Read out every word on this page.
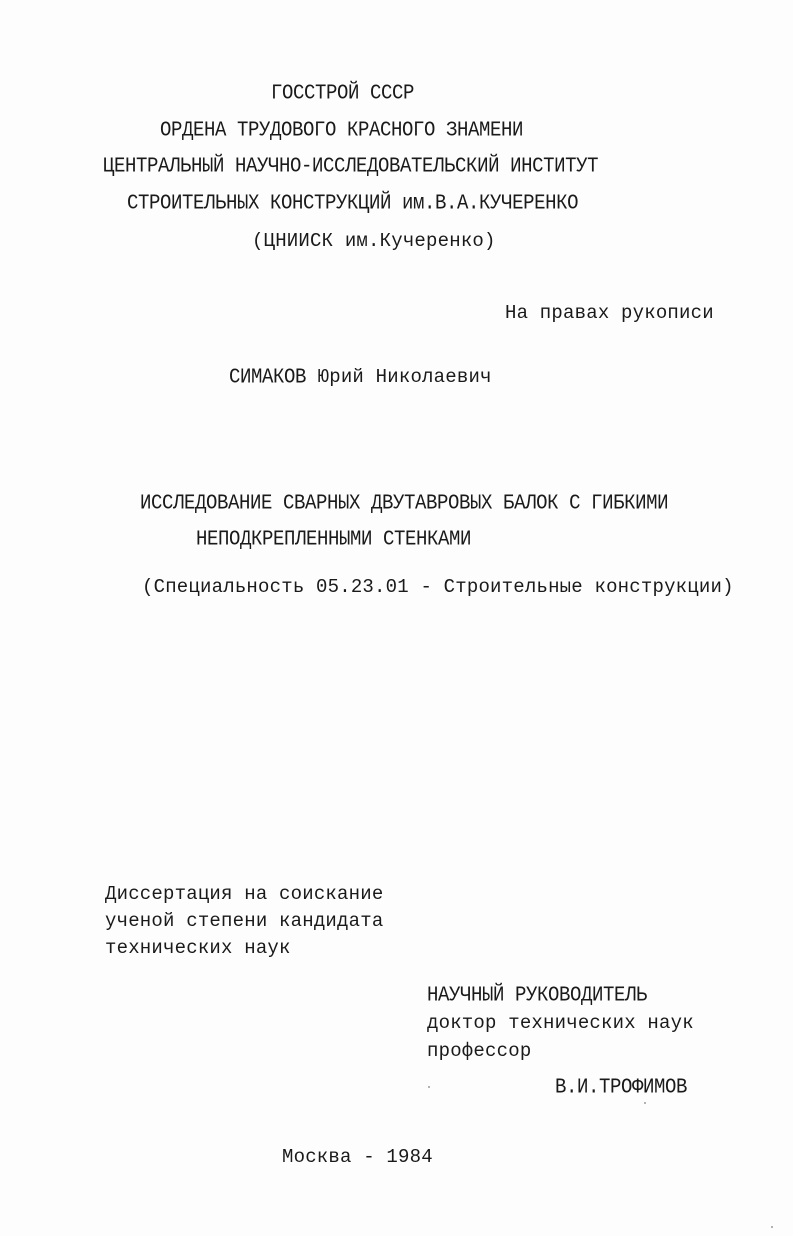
ГОССТРОЙ СССР
ОРДЕНА ТРУДОВОГО КРАСНОГО ЗНАМЕНИ
ЦЕНТРАЛЬНЫЙ НАУЧНО-ИССЛЕДОВАТЕЛЬСКИЙ ИНСТИТУТ
СТРОИТЕЛЬНЫХ КОНСТРУКЦИЙ им.В.А.КУЧЕРЕНКО
(ЦНИИСК им.Кучеренко)
На правах рукописи
СИМАКОВ Юрий Николаевич
ИССЛЕДОВАНИЕ СВАРНЫХ ДВУТАВРОВЫХ БАЛОК С ГИБКИМИ
НЕПОДКРЕПЛЕННЫМИ СТЕНКАМИ
(Специальность 05.23.01 - Строительные конструкции)
Диссертация на соискание
ученой степени кандидата
технических наук
НАУЧНЫЙ РУКОВОДИТЕЛЬ
доктор технических наук
профессор
В.И.ТРОФИМОВ
Москва - 1984
